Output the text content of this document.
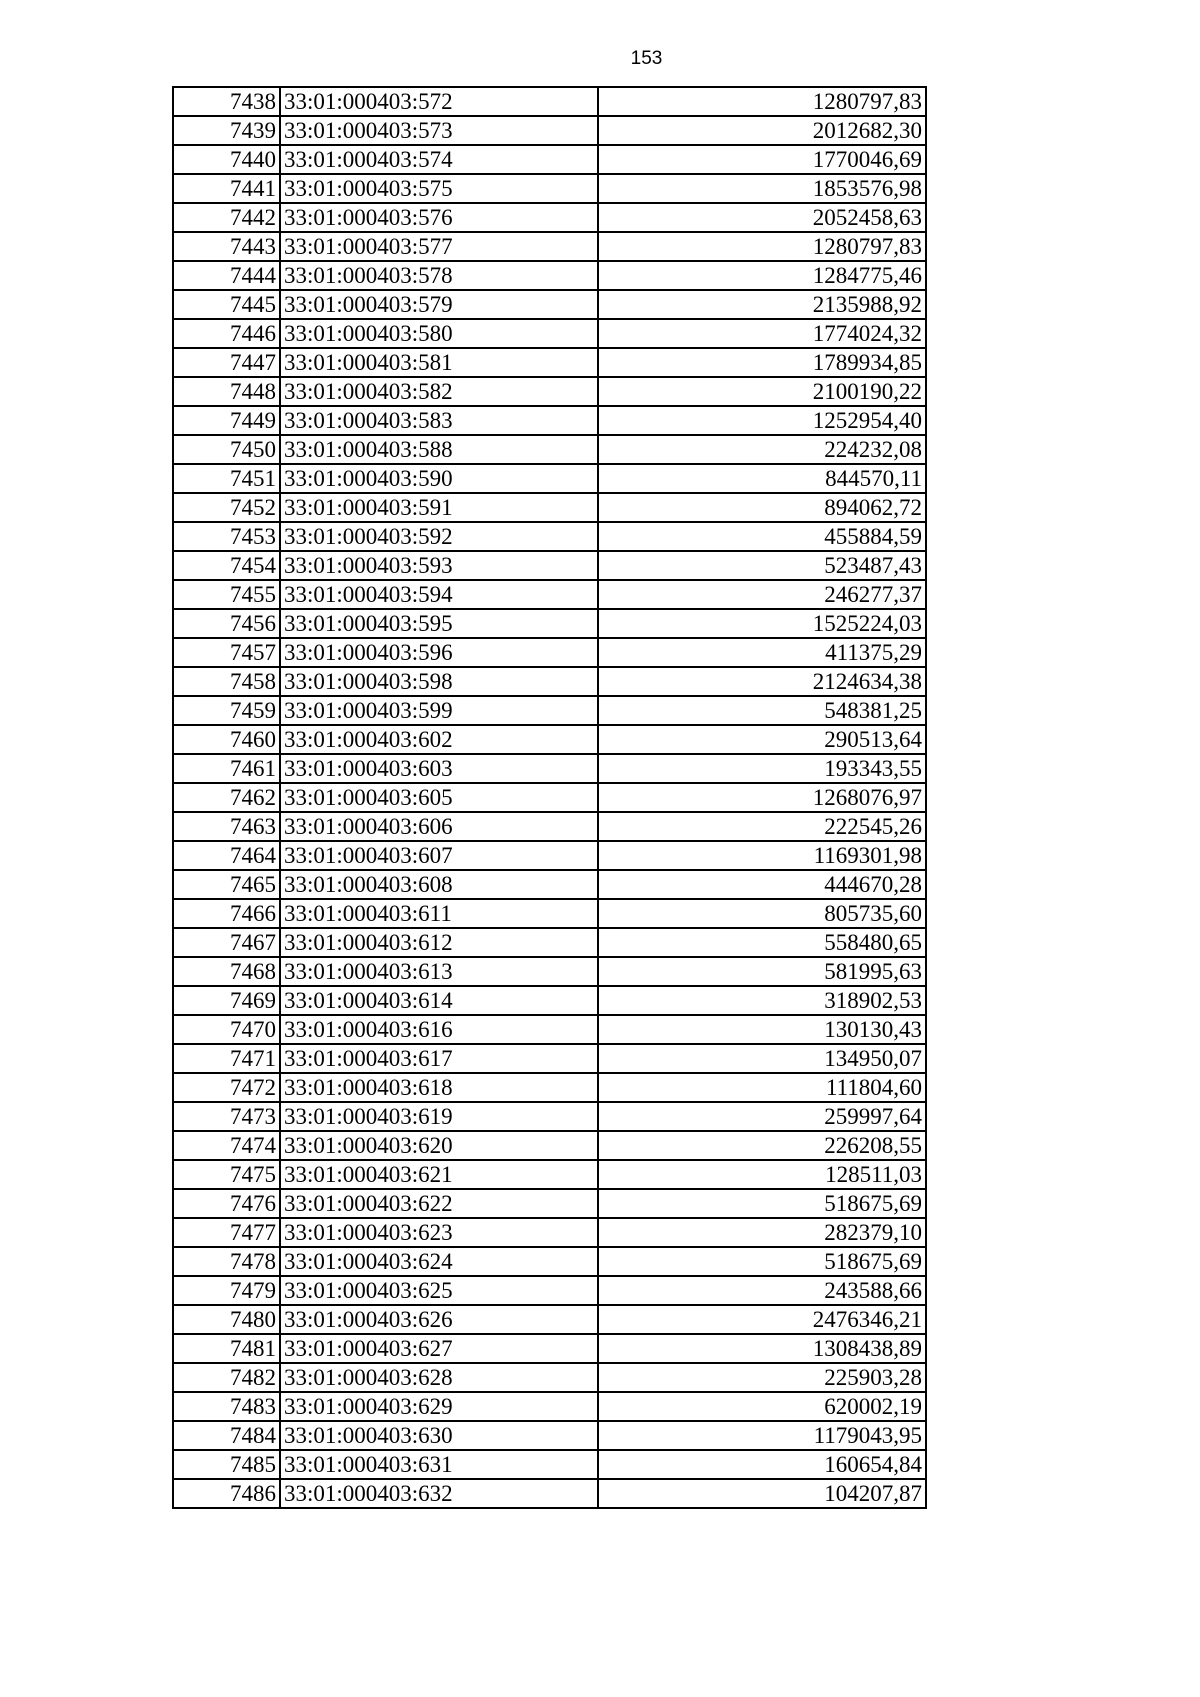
153
7438	33:01:000403:572	1280797,83
7439	33:01:000403:573	2012682,30
7440	33:01:000403:574	1770046,69
7441	33:01:000403:575	1853576,98
7442	33:01:000403:576	2052458,63
7443	33:01:000403:577	1280797,83
7444	33:01:000403:578	1284775,46
7445	33:01:000403:579	2135988,92
7446	33:01:000403:580	1774024,32
7447	33:01:000403:581	1789934,85
7448	33:01:000403:582	2100190,22
7449	33:01:000403:583	1252954,40
7450	33:01:000403:588	224232,08
7451	33:01:000403:590	844570,11
7452	33:01:000403:591	894062,72
7453	33:01:000403:592	455884,59
7454	33:01:000403:593	523487,43
7455	33:01:000403:594	246277,37
7456	33:01:000403:595	1525224,03
7457	33:01:000403:596	411375,29
7458	33:01:000403:598	2124634,38
7459	33:01:000403:599	548381,25
7460	33:01:000403:602	290513,64
7461	33:01:000403:603	193343,55
7462	33:01:000403:605	1268076,97
7463	33:01:000403:606	222545,26
7464	33:01:000403:607	1169301,98
7465	33:01:000403:608	444670,28
7466	33:01:000403:611	805735,60
7467	33:01:000403:612	558480,65
7468	33:01:000403:613	581995,63
7469	33:01:000403:614	318902,53
7470	33:01:000403:616	130130,43
7471	33:01:000403:617	134950,07
7472	33:01:000403:618	111804,60
7473	33:01:000403:619	259997,64
7474	33:01:000403:620	226208,55
7475	33:01:000403:621	128511,03
7476	33:01:000403:622	518675,69
7477	33:01:000403:623	282379,10
7478	33:01:000403:624	518675,69
7479	33:01:000403:625	243588,66
7480	33:01:000403:626	2476346,21
7481	33:01:000403:627	1308438,89
7482	33:01:000403:628	225903,28
7483	33:01:000403:629	620002,19
7484	33:01:000403:630	1179043,95
7485	33:01:000403:631	160654,84
7486	33:01:000403:632	104207,87
